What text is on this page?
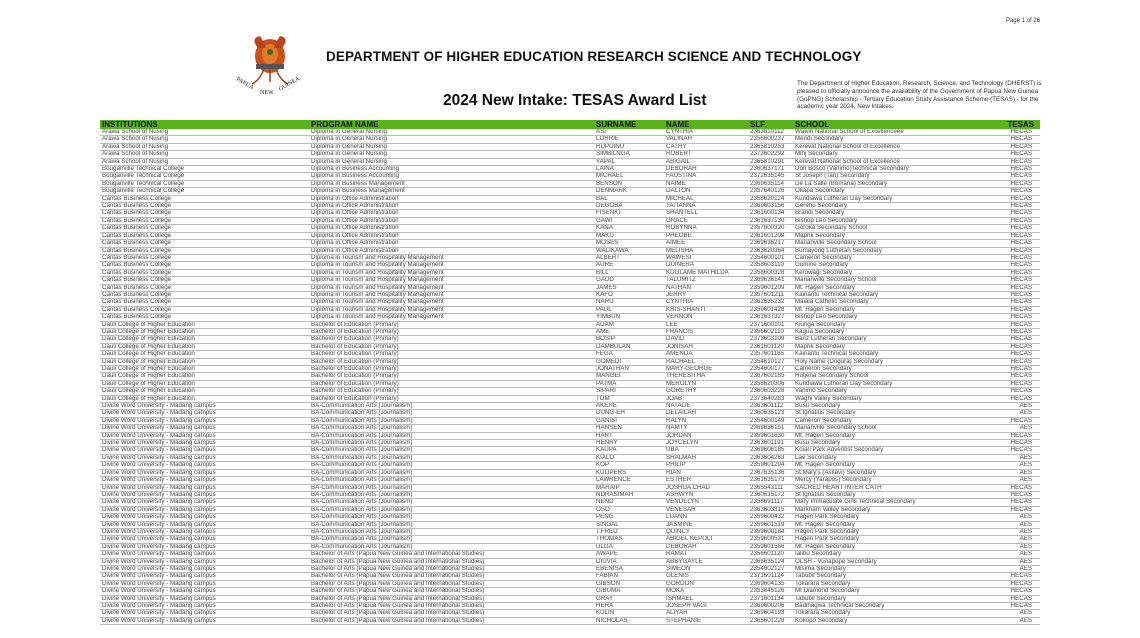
Page 1 of 26
PAPUA
NEW
GUINEA
DEPARTMENT OF HIGHER EDUCATION RESEARCH SCIENCE AND TECHNOLOGY
2024 New Intake: TESAS Award List
The Department of Higher Education, Research, Science, and Technology (DHERST) is pleased to officially announce the availability of the Government of Papua New Guinea (GoPNG) Scholarship - Tertiary Education Study Assistance Scheme (TESAS) - for the academic year 2024, New Intakes.
INSTITUTIONS	PROGRAM NAME	SURNAME	NAME	SLF	SCHOOL	TESAS
Arawa School of Nusing	Diploma in General Nursing	ASI	CYNTHIA	2363810112	Wawin National School of Excellenceee	HECAS
Arawa School of Nusing	Diploma in General Nursing	LORRIE	VALINAH	2356600237	Mendi Secondary	HECAS
Arawa School of Nusing	Diploma in General Nursing	RUPUINU	CATHY	2365810253	Kerevat National School of Excellence	HECAS
Arawa School of Nusing	Diploma in General Nursing	SIMBILNGA	ROBERT	2373602292	Minj Secondary	HECAS
Arawa School of Nusing	Diploma in General Nursing	YAPAL	ABIGAIL	2365810291	Kerevat National School of Excellence	HECAS
Bouganville Technical College	Diploma in Business Accounting	LAINA	DEBORAH	2360637171	Don Bosco (Vanimo)Technical Secondary	HECAS
Bouganville Technical College	Diploma in Business Accounting	MICHAEL	FAUSTINA	2372635145	St Joseph (Tari) Secondary	HECAS
Bouganville Technical College	Diploma in Business Management	BENSON	NAIME	2369635114	De La Salle (Bomana) Secondary	HECAS
Bouganville Technical College	Diploma in Business Management	DENMARK	DALTON	2357640126	Okapa Secondary	HECAS
Caritas Business College	Diploma in Office Administration	BAL	MICHEAL	2358620124	Kundiawa Lutheran Day Secondary	HECAS
Caritas Business College	Diploma in Office Administration	DEGOBA	TATIANNA	2369603156	Gerehu Secondary	HECAS
Caritas Business College	Diploma in Office Administration	FISENKI	SHANTELL	2361600134	Brandi Secondary	HECAS
Caritas Business College	Diploma in Office Administration	GAWI	GRACE	2361637130	Bishop Leo Secondary	HECAS
Caritas Business College	Diploma in Office Administration	KANA	ROBYNNA	2357600320	Goroka Secondary School	HECAS
Caritas Business College	Diploma in Office Administration	MAKU	PHEOBE	2361601209	Maprik Secondary	HECAS
Caritas Business College	Diploma in Office Administration	MOSES	AIMEE	2369636217	Marianville Secondary School	HECAS
Caritas Business College	Diploma in Office Administration	WALIKAWA	MELISHA	2363620364	Bumayong Lutheran Secondary	HECAS
Caritas Business College	Diploma in Tourism and Hospitality Management	ALBERT	WAWESI	2354600101	Cameron Secondary	HECAS
Caritas Business College	Diploma in Tourism and Hospitality Management	AURE	DUINERA	2358603110	Gumine Secondary	HECAS
Caritas Business College	Diploma in Tourism and Hospitality Management	BILL	KUGLAME MATHILDA	2358600328	Kerowagi Secondary	HECAS
Caritas Business College	Diploma in Tourism and Hospitality Management	GADD	TALUMITZ	2369636141	Marianville Secondary School	HECAS
Caritas Business College	Diploma in Tourism and Hospitality Management	JAMES	NATHAN	2359601209	Mt. Hagen Secondary	HECAS
Caritas Business College	Diploma in Tourism and Hospitality Management	KAFO	JERRY	2357601211	Kainantu Technical Secondary	HECAS
Caritas Business College	Diploma in Tourism and Hospitality Management	NARU	CYNTHIA	2362635232	Malala Catholic Secondary	HECAS
Caritas Business College	Diploma in Tourism and Hospitality Management	PAUL	KRIS-SHANTI	2359601428	Mt. Hagen Secondary	HECAS
Caritas Business College	Diploma in Tourism and Hospitality Management	YIMBUN	VERNON	2361637327	Bishop Leo Secondary	HECAS
Dauli College of Higher Education	Bachelor of Education (Primary)	ADAM	LEE	2371600101	Kiunga Secondary	HECAS
Dauli College of Higher Education	Bachelor of Education (Primary)	AME	FRANCIS	2356602110	Kagua Secondary	HECAS
Dauli College of Higher Education	Bachelor of Education (Primary)	BOSIP	DAVID	2373603109	Banz Lutheran Secondary	HECAS
Dauli College of Higher Education	Bachelor of Education (Primary)	DAMBULAN	JONISAH	2361601120	Maprik Secondary	HECAS
Dauli College of Higher Education	Bachelor of Education (Primary)	FEGA	AMENDA	2357601165	Kainantu Technical Secondary	HECAS
Dauli College of Higher Education	Bachelor of Education (Primary)	GOMEDI	RACHAEL	2354610127	Holy Name (Dogura) Secondary	HECAS
Dauli College of Higher Education	Bachelor of Education (Primary)	JONATHAN	MARY-GEORGE	2354600177	Cameron Secondary	HECAS
Dauli College of Higher Education	Bachelor of Education (Primary)	MANGEI	THERESITHA	2367602185	Hutjena Secondary School	HECAS
Dauli College of Higher Education	Bachelor of Education (Primary)	PATMA	MEROLYN	2358620306	Kundiawa Lutheran Day Secondary	HECAS
Dauli College of Higher Education	Bachelor of Education (Primary)	SIPARI	GORETHY	2360603228	Vanimo Secondary	HECAS
Dauli College of Higher Education	Bachelor of Education (Primary)	TOM	JOAB	2373640283	Waghi Valley Secondary	HECAS
Divine Word University - Madang campus	BA-Communication Arts (Journalism)	AKERE	NATALIE	2363601112	Busu Secondary	AES
Divine Word University - Madang campus	BA-Communication Arts (Journalism)	DUNG-EH	DELAILAH	2360635123	St Ignatius Secondary	AES
Divine Word University - Madang campus	BA-Communication Arts (Journalism)	GANISI	RALYN	2354600149	Cameron Secondary	HECAS
Divine Word University - Madang campus	BA-Communication Arts (Journalism)	HANSEN	NAMTY	2369636151	Marianville Secondary School	AES
Divine Word University - Madang campus	BA-Communication Arts (Journalism)	HART	JORDAN	2359601630	Mt. Hagen Secondary	HECAS
Divine Word University - Madang campus	BA-Communication Arts (Journalism)	HENRY	JOYCELYN	2363601191	Busu Secondary	HECAS
Divine Word University - Madang campus	BA-Communication Arts (Journalism)	KAUPA	UBA	2369606185	Koiari Park Adventist Secondary	HECAS
Divine Word University - Madang campus	BA-Communication Arts (Journalism)	KIALO	SHALMAH	2363604263	Lae Secondary	AES
Divine Word University - Madang campus	BA-Communication Arts (Journalism)	KOP	PHILIP	2359601294	Mt. Hagen Secondary	AES
Divine Word University - Madang campus	BA-Communication Arts (Journalism)	KUIJPERS	RIAN	2367635136	St.Mary's (Asitavi) Secondary	AES
Divine Word University - Madang campus	BA-Communication Arts (Journalism)	LAWRENCE	ESTHER	2361635173	Mercy (Yarapos) Secondary	AES
Divine Word University - Madang campus	BA-Communication Arts (Journalism)	MARAIP	JOSHUA CHAD	2365543111	SACRED HEART INTER CATH	HECAS
Divine Word University - Madang campus	BA-Communication Arts (Journalism)	NDRASIMAH	ASHWYN	2360635172	St Ignatius Secondary	HECAS
Divine Word University - Madang campus	BA-Communication Arts (Journalism)	NEND	VENDELYN	2358691117	Mary Immaculate Girls Technical Secondary	HECAS
Divine Word University - Madang campus	BA-Communication Arts (Journalism)	OSO	VENESAH	2363603315	Markham Valley Secondary	HECAS
Divine Word University - Madang campus	BA-Communication Arts (Journalism)	PENG	LUANN	2359600432	Hagen Park Secondary	AES
Divine Word University - Madang campus	BA-Communication Arts (Journalism)	SINGAL	JASMINE	2359601519	Mt. Hagen Secondary	AES
Divine Word University - Madang campus	BA-Communication Arts (Journalism)	T.FRED	QUINCY	2359600184	Hagen Park Secondary	AES
Divine Word University - Madang campus	BA-Communication Arts (Journalism)	THOMAS	ABIGEL KEPOLI	2359600531	Hagen Park Secondary	AES
Divine Word University - Madang campus	BA-Communication Arts (Journalism)	ULGA	DEBORAH	2359601566	Mt. Hagen Secondary	AES
Divine Word University - Madang campus	Bachelor of Arts (Papua New Guinea and International Studies)	AWAPE	RAMAT	2356601120	Ialibu Secondary	AES
Divine Word University - Madang campus	Bachelor of Arts (Papua New Guinea and International Studies)	DIUVIA	ABBYGAYLE	2365635124	OLSH - Vunapope Secondary	AES
Divine Word University - Madang campus	Bachelor of Arts (Papua New Guinea and International Studies)	EBENISA	SIMEON	2354602127	Misima Secondary	AES
Divine Word University - Madang campus	Bachelor of Arts (Papua New Guinea and International Studies)	FABIAN	GLENIS	2371601124	Tabubil Secondary	HECAS
Divine Word University - Madang campus	Bachelor of Arts (Papua New Guinea and International Studies)	GIBSON	GORDON	2369604135	Tokarara Secondary	HECAS
Divine Word University - Madang campus	Bachelor of Arts (Papua New Guinea and International Studies)	GIBUMA	MOKA	2353645126	Mt Diamond Secondary	HECAS
Divine Word University - Madang campus	Bachelor of Arts (Papua New Guinea and International Studies)	GRAY	ISHMAEL	2371601134	Tabubil Secondary	HECAS
Divine Word University - Madang campus	Bachelor of Arts (Papua New Guinea and International Studies)	HERA	JOSEPH VAGI	2369600206	Badihagwa Technical Secondary	HECAS
Divine Word University - Madang campus	Bachelor of Arts (Papua New Guinea and International Studies)	KULIN	ALIYAH	2369604193	Tokarara Secondary	AES
Divine Word University - Madang campus	Bachelor of Arts (Papua New Guinea and International Studies)	NICHOLAS	STEPHANIE	2365601228	Kokopo Secondary	AES
